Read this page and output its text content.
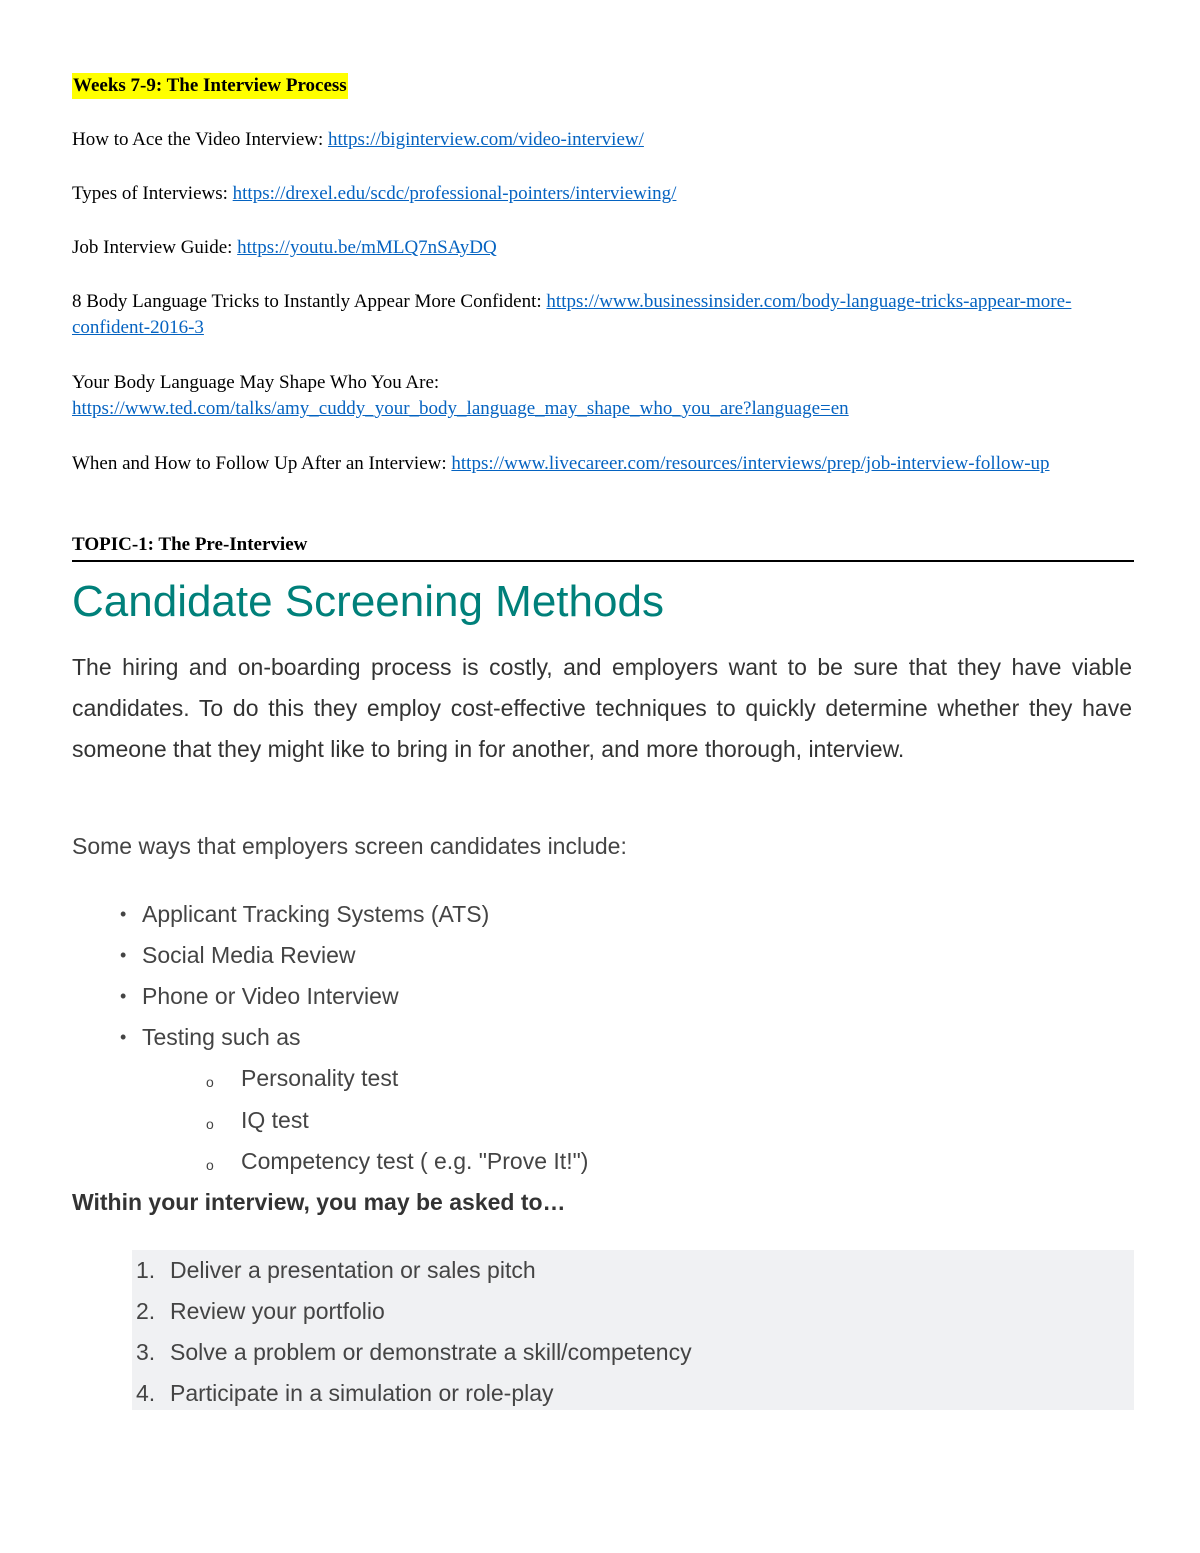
Weeks 7-9: The Interview Process

How to Ace the Video Interview: https://biginterview.com/video-interview/

Types of Interviews: https://drexel.edu/scdc/professional-pointers/interviewing/

Job Interview Guide: https://youtu.be/mMLQ7nSAyDQ

8 Body Language Tricks to Instantly Appear More Confident: https://www.businessinsider.com/body-language-tricks-appear-more-confident-2016-3

Your Body Language May Shape Who You Are:
https://www.ted.com/talks/amy_cuddy_your_body_language_may_shape_who_you_are?language=en

When and How to Follow Up After an Interview: https://www.livecareer.com/resources/interviews/prep/job-interview-follow-up

TOPIC-1: The Pre-Interview
Candidate Screening Methods

The hiring and on-boarding process is costly, and employers want to be sure that they have viable candidates. To do this they employ cost-effective techniques to quickly determine whether they have someone that they might like to bring in for another, and more thorough, interview.

Some ways that employers screen candidates include:

• Applicant Tracking Systems (ATS)
• Social Media Review
• Phone or Video Interview
• Testing such as
o Personality test
o IQ test
o Competency test ( e.g. "Prove It!")

Within your interview, you may be asked to…

1. Deliver a presentation or sales pitch
2. Review your portfolio
3. Solve a problem or demonstrate a skill/competency
4. Participate in a simulation or role-play
